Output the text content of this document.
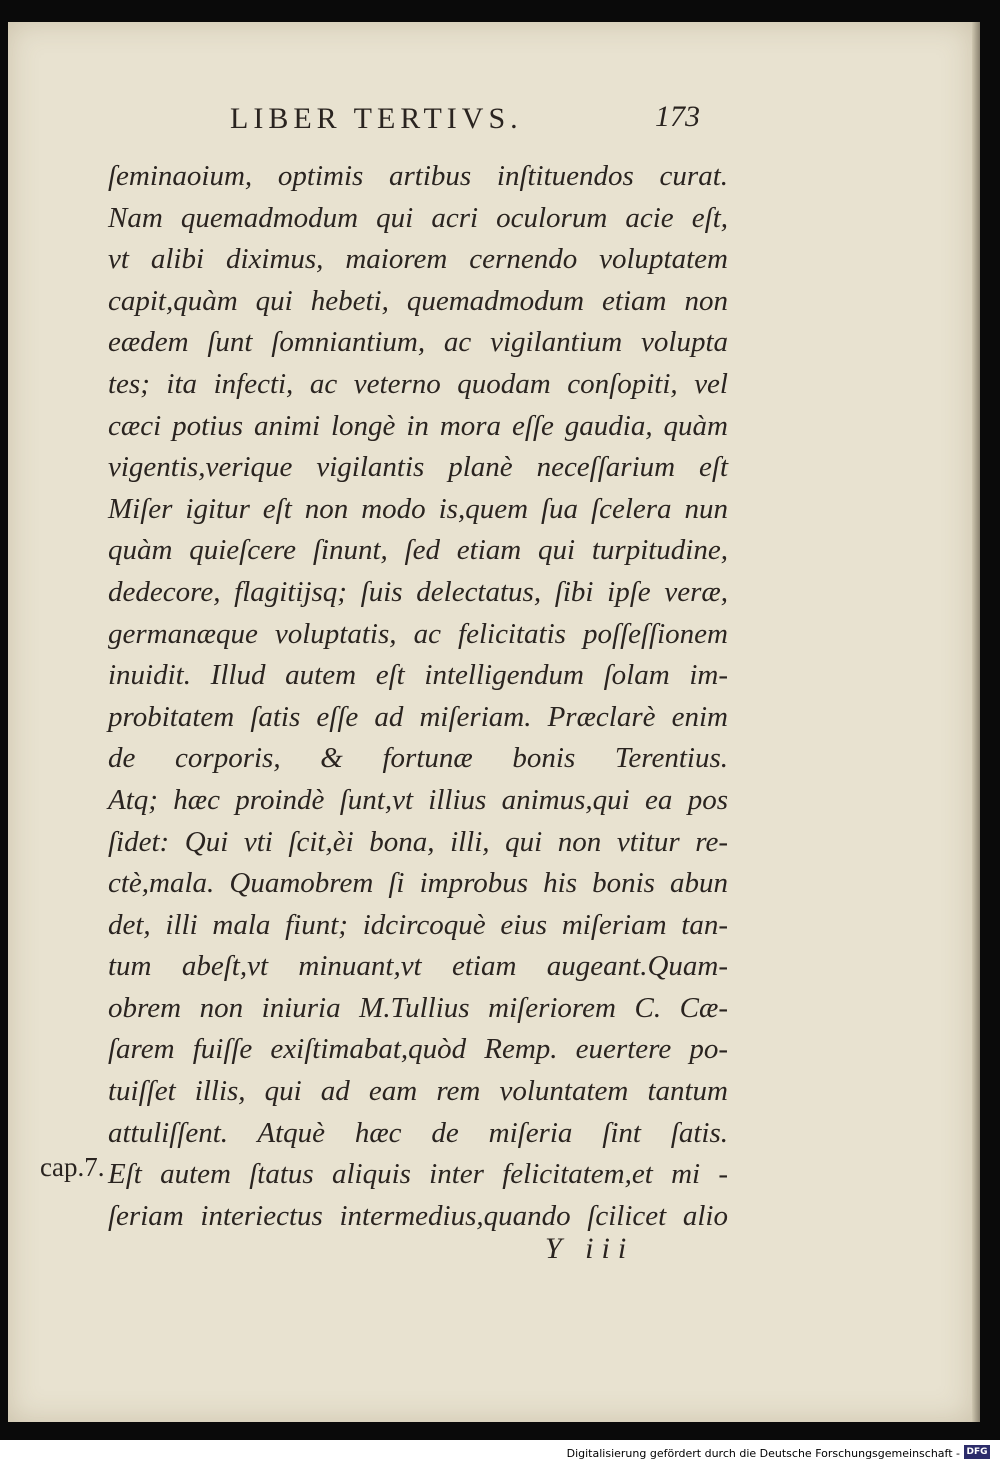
LIBER TERTIVS.	173
ſeminaoium, optimis artibus inſtituendos curat.
Nam quemadmodum qui acri oculorum acie eſt,
vt alibi diximus, maiorem cernendo voluptatem
capit,quàm qui hebeti, quemadmodum etiam non
eædem ſunt ſomniantium, ac vigilantium volupta
tes; ita infecti, ac veterno quodam conſopiti, vel
cæci potius animi longè in mora eſſe gaudia, quàm
vigentis,verique vigilantis planè neceſſarium eſt
Miſer igitur eſt non modo is,quem ſua ſcelera nun
quàm quieſcere ſinunt, ſed etiam qui turpitudine,
dedecore, flagitijsq; ſuis delectatus, ſibi ipſe veræ,
germanæque voluptatis, ac felicitatis poſſeſſionem
inuidit. Illud autem eſt intelligendum ſolam im-
probitatem ſatis eſſe ad miſeriam. Præclarè enim
de corporis, & fortunæ bonis Terentius.
Atq; hæc proindè ſunt,vt illius animus,qui ea pos
ſidet: Qui vti ſcit,èi bona, illi, qui non vtitur re-
ctè,mala. Quamobrem ſi improbus his bonis abun
det, illi mala fiunt; idcircoquè eius miſeriam tan-
tum abeſt,vt minuant,vt etiam augeant.Quam-
obrem non iniuria M.Tullius miſeriorem C. Cæ-
ſarem fuiſſe exiſtimabat,quòd Remp. euertere po-
tuiſſet illis, qui ad eam rem voluntatem tantum
attuliſſent. Atquè hæc de miſeria ſint ſatis.
Eſt autem ſtatus aliquis inter felicitatem,et mi -
ſeriam interiectus intermedius,quando ſcilicet alio
cap.7.
Y iii
Digitalisierung gefördert durch die Deutsche Forschungsgemeinschaft - DFG
